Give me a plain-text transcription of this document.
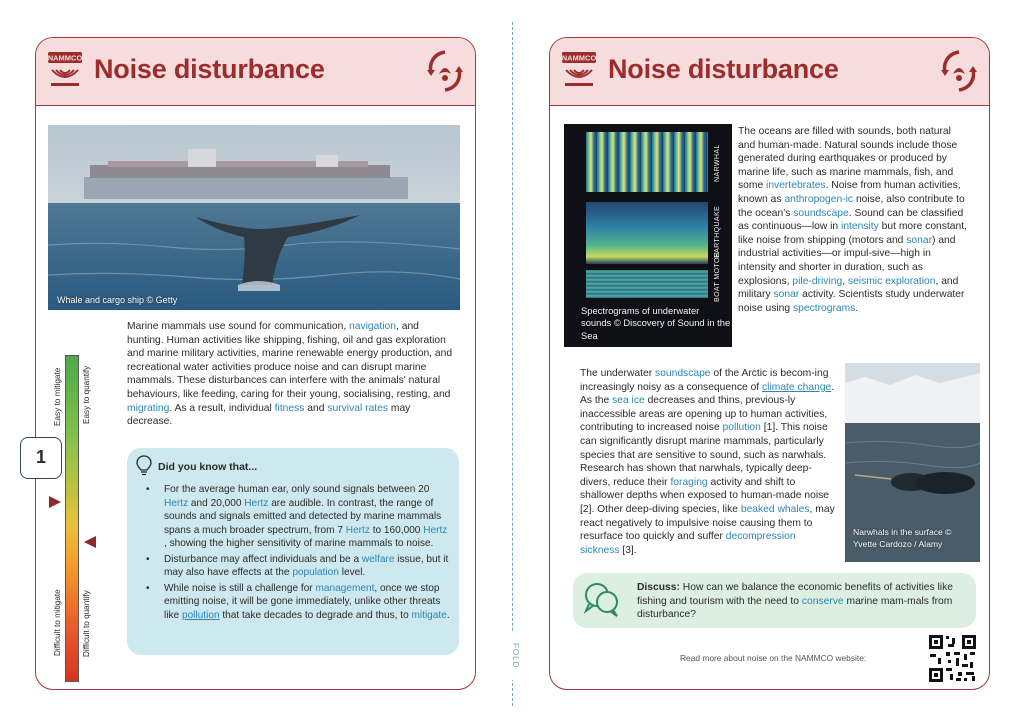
FOLD
NAMMCO Noise disturbance
Whale and cargo ship © Getty
Marine mammals use sound for communication, navigation, and hunting. Human activities like shipping, fishing, oil and gas exploration and marine military activities, marine renewable energy production, and recreational water activities produce noise and can disrupt marine mammals. These disturbances can interfere with the animals' natural behaviours, like feeding, caring for their young, socialising, resting, and migrating. As a result, individual fitness and survival rates may decrease.
Easy to mitigate Easy to quantify
Difficult to mitigate Difficult to quantify
1	Did you know that...
• For the average human ear, only sound signals between 20 Hertz and 20,000 Hertz are audible. In contrast, the range of sounds and signals emitted and detected by marine mammals spans a much broader spectrum, from 7 Hertz to 160,000 Hertz , showing the higher sensitivity of marine mammals to noise.
• Disturbance may affect individuals and be a welfare issue, but it may also have effects at the population level.
• While noise is still a challenge for management, once we stop emitting noise, it will be gone immediately, unlike other threats like pollution that take decades to degrade and thus, to mitigate.
NAMMCO Noise disturbance
NARWHAL
EARTHQUAKE
BOAT MOTOR
Spectrograms of underwater sounds © Discovery of Sound in the Sea
The oceans are filled with sounds, both natural and human-made. Natural sounds include those generated during earthquakes or produced by marine life, such as marine mammals, fish, and some invertebrates. Noise from human activities, known as anthropogen-ic noise, also contribute to the ocean's soundscape. Sound can be classified as continuous—low in intensity but more constant, like noise from shipping (motors and sonar) and industrial activities—or impul-sive—high in intensity and shorter in duration, such as explosions, pile-driving, seismic exploration, and military sonar activity. Scientists study underwater noise using spectrograms.
Narwhals in the surface © Yvette Cardozo / Alamy
The underwater soundscape of the Arctic is becom-ing increasingly noisy as a consequence of climate change. As the sea ice decreases and thins, previous-ly inaccessible areas are opening up to human activities, contributing to increased noise pollution [1]. This noise can significantly disrupt marine mammals, particularly species that are sensitive to sound, such as narwhals. Research has shown that narwhals, typically deep-divers, reduce their foraging activity and shift to shallower depths when exposed to human-made noise [2]. Other deep-diving species, like beaked whales, may react negatively to impulsive noise causing them to resurface too quickly and suffer decompression sickness [3].
Discuss: How can we balance the economic benefits of activities like fishing and tourism with the need to conserve marine mam-mals from disturbance?
Read more about noise on the NAMMCO website:
